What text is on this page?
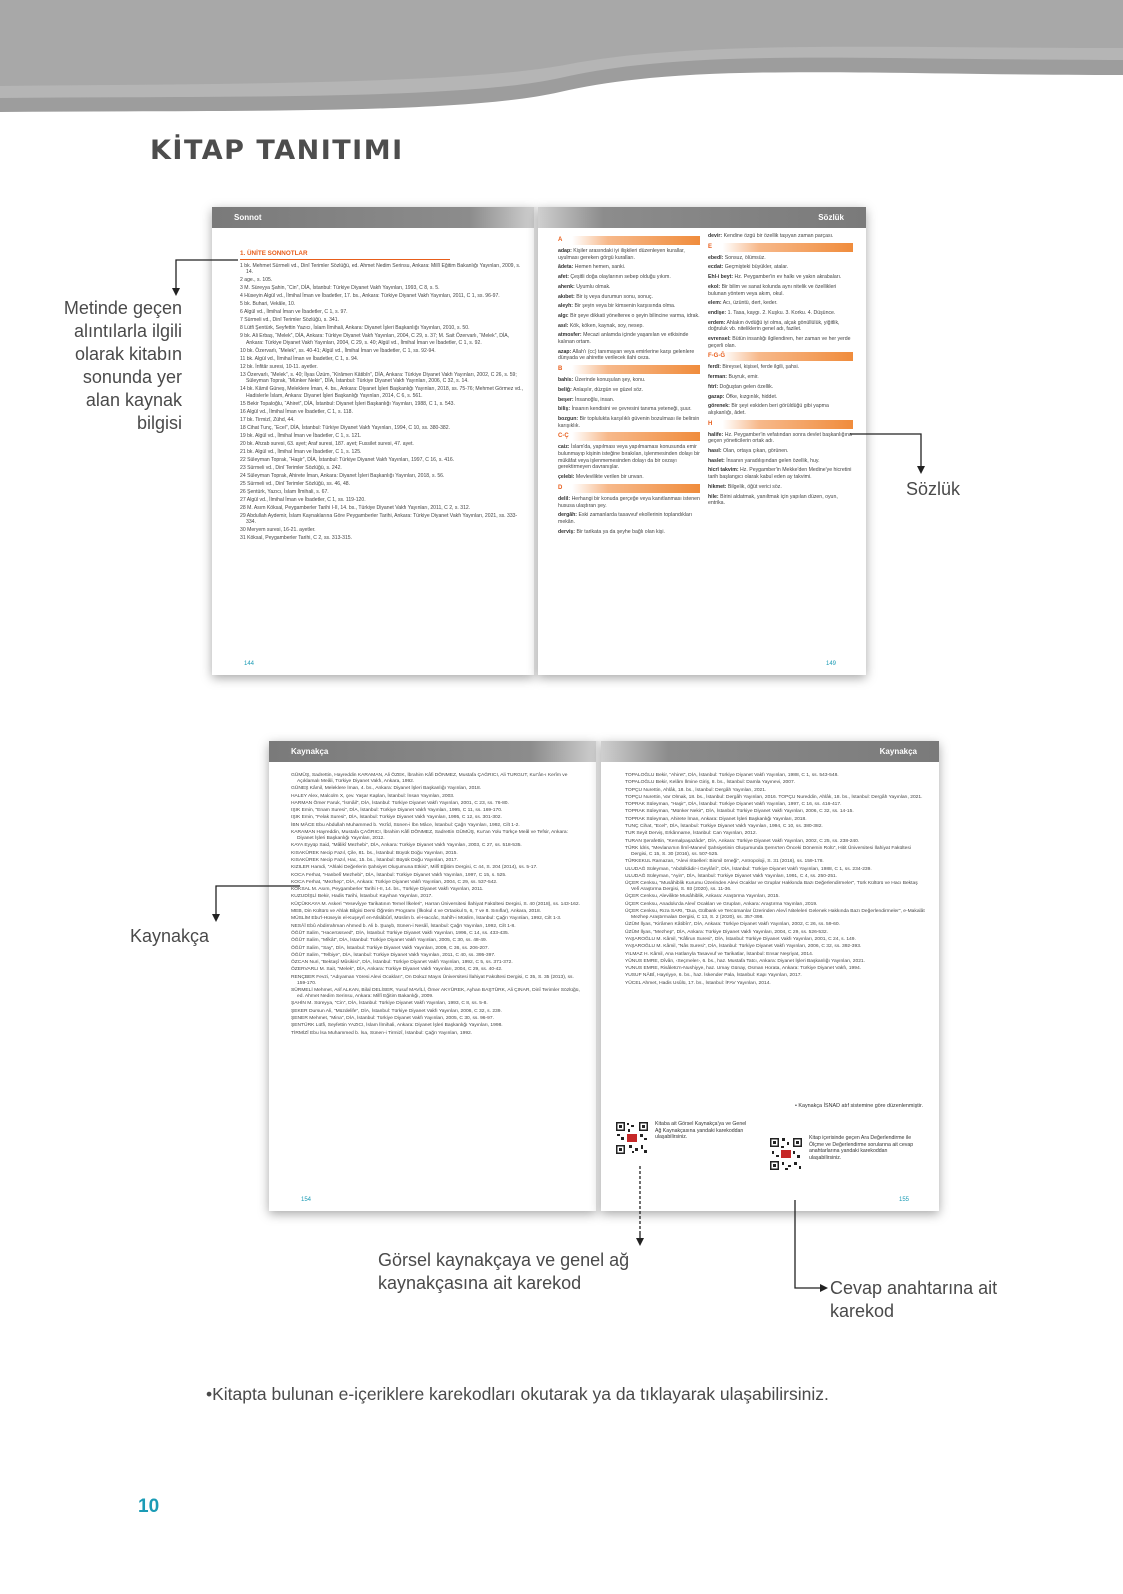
KİTAP TANITIMI
Sonnot
1. ÜNİTE SONNOTLAR
1 bk. Mehmet Sürmeli vd., Dinî Terimler Sözlüğü, ed. Ahmet Nedim Serinsu, Ankara: Millî Eğitim Bakanlığı Yayınları, 2009, s. 14.
2 age., s. 105.
3 M. Süreyya Şahin, “Cin”, DİA, İstanbul: Türkiye Diyanet Vakfı Yayınları, 1993, C 8, s. 5.
4 Hüseyin Algül vd., İlmihal İman ve İbadetler, 17. bs., Ankara: Türkiye Diyanet Vakfı Yayınları, 2011, C 1, ss. 96-97.
5 bk. Buhari, Vekâle, 10.
6 Algül vd., İlmihal İman ve İbadetler, C 1, s. 97.
7 Sürmeli vd., Dinî Terimler Sözlüğü, s. 341.
8 Lütfi Şentürk, Seyfettin Yazıcı, İslam İlmihali, Ankara: Diyanet İşleri Başkanlığı Yayınları, 2010, s. 50.
9 bk. Ali Erbaş, “Melek”, DİA, Ankara: Türkiye Diyanet Vakfı Yayınları, 2004, C 29, s. 37; M. Sait Özervarlı, “Melek”, DİA, Ankara: Türkiye Diyanet Vakfı Yayınları, 2004, C 29, s. 40; Algül vd., İlmihal İman ve İbadetler, C 1, s. 92.
10 bk. Özervarlı, “Melek”, ss. 40-41; Algül vd., İlmihal İman ve İbadetler, C 1, ss. 92-94.
11 bk. Algül vd., İlmihal İman ve İbadetler, C 1, s. 94.
12 bk. İnfitâr suresi, 10-11. ayetler.
13 Özervarlı, “Melek”, s. 40; İlyas Üzüm, “Kirâmen Kâtibîn”, DİA, Ankara: Türkiye Diyanet Vakfı Yayınları, 2002, C 26, s. 59; Süleyman Toprak, “Münker Nekir”, DİA, İstanbul: Türkiye Diyanet Vakfı Yayınları, 2006, C 32, s. 14.
14 bk. Kâmil Güneş, Meleklere İman, 4. bs., Ankara: Diyanet İşleri Başkanlığı Yayınları, 2018, ss. 75-76; Mehmet Görmez vd., Hadislerle İslam, Ankara: Diyanet İşleri Başkanlığı Yayınları, 2014, C 6, s. 561.
15 Bekir Topaloğlu, “Ahiret”, DİA, İstanbul: Diyanet İşleri Başkanlığı Yayınları, 1988, C 1, s. 543.
16 Algül vd., İlmihal İman ve İbadetler, C 1, s. 118.
17 bk. Tirmizî, Zühd, 44.
18 Cihat Tunç, “Ecel”, DİA, İstanbul: Türkiye Diyanet Vakfı Yayınları, 1994, C 10, ss. 380-382.
19 bk. Algül vd., İlmihal İman ve İbadetler, C 1, s. 121.
20 bk. Ahzab suresi, 63. ayet; Araf suresi, 187. ayet; Fussilet suresi, 47. ayet.
21 bk. Algül vd., İlmihal İman ve İbadetler, C 1, s. 125.
22 Süleyman Toprak, “Haşir”, DİA, İstanbul: Türkiye Diyanet Vakfı Yayınları, 1997, C 16, s. 416.
23 Sürmeli vd., Dinî Terimler Sözlüğü, s. 242.
24 Süleyman Toprak, Ahirete İman, Ankara: Diyanet İşleri Başkanlığı Yayınları, 2018, s. 56.
25 Sürmeli vd., Dinî Terimler Sözlüğü, ss. 46, 48.
26 Şentürk, Yazıcı, İslam İlmihali, s. 67.
27 Algül vd., İlmihal İman ve İbadetler, C 1, ss. 119-120.
28 M. Asım Köksal, Peygamberler Tarihi I-II, 14. bs., Türkiye Diyanet Vakfı Yayınları, 2011, C 2, s. 312.
29 Abdullah Aydemir, İslam Kaynaklarına Göre Peygamberler Tarihi, Ankara: Türkiye Diyanet Vakfı Yayınları, 2021, ss. 333-334.
30 Meryem suresi, 16-21. ayetler.
31 Köksal, Peygamberler Tarihi, C 2, ss. 313-315.
144
Sözlük
A
adap: Kişiler arasındaki iyi ilişkileri düzenleyen kurallar, uyulması gereken görgü kuralları.
âdeta: Hemen hemen, sanki.
afet: Çeşitli doğa olaylarının sebep olduğu yıkım.
ahenk: Uyumlu olmak.
akıbet: Bir iş veya durumun sonu, sonuç.
aleyh: Bir şeyin veya bir kimsenin karşısında olma.
algı: Bir şeye dikkati yöneltereк o şeyin bilincine varma, idrak.
asıl: Kök, köken, kaynak, soy, nesep.
atmosfer: Mecazi anlamda içinde yaşanılan ve etkisinde kalınan ortam.
azap: Allah'ı (cc) tanımayan veya emirlerine karşı gelenlere dünyada ve ahirette verilecek ilahi ceza.
B
bahis: Üzerinde konuşulan şey, konu.
beliğ: Anlaşılır, düzgün ve güzel söz.
beşer: İnsanoğlu, insan.
biliş: İnsanın kendisini ve çevresini tanıma yeteneği, şuur.
bozgun: Bir topluluktа karşılıklı güvenin bozulması ile belirsin karışıklık.
C-Ç
caiz: İslam'da, yapılması veya yapılmaması konusunda emir bulunmayıp kişinin isteğine bırakılan, işlenmesinden dolayı bir mükâfat veya işlenmemesinden dolayı da bir cezayı gerektirmeyen davranışlar.
çelebi: Mevlevilikte verilen bir unvan.
D
delil: Herhangi bir konuda gerçeğe veya kanıtlanması istenen hususa ulaştıran şey.
dergâh: Eski zamanlarda tasavvuf ekollerinin toplandıkları mekân.
derviş: Bir tarikata ya da şeyhe bağlı olan kişi.
devir: Kendine özgü bir özellik taşıyan zaman parçası.
E
ebedî: Sonsuz, ölümsüz.
ecdat: Geçmişteki büyükler, atalar.
Ehl-i beyt: Hz. Peygamber'in ev halkı ve yakın akrabaları.
ekol: Bir bilim ve sanat kolunda aynı nitelik ve özellikleri bulunan yöntem veya akım, okul.
elem: Acı, üzüntü, dert, keder.
endişe: 1. Tasa, kaygı. 2. Kuşku. 3. Korku. 4. Düşünce.
erdem: Ahlakın övdüğü iyi olma, alçak gönüllülük, yiğitlik, doğruluk vb. niteliklerin genel adı, fazilet.
evrensel: Bütün insanlığı ilgilendiren, her zaman ve her yerde geçerli olan.
F-G-Ğ
ferdî: Bireysel, kişisel, ferde ilgili, şahsi.
ferman: Buyruk, emir.
fıtrî: Doğuştan gelen özellik.
gazap: Öfke, kızgınlık, hiddet.
görenek: Bir şeyi eskiden beri görüldüğü gibi yapma alışkanlığı, âdet.
H
halife: Hz. Peygamber'in vefatından sonra devlet başkanlığına geçen yöneticilerin ortak adı.
hasıl: Olan, ortaya çıkan, görünen.
haslet: İnsanın yaradılışından gelen özellik, huy.
hicrî takvim: Hz. Peygamber'in Mekke'den Medine'ye hicretini tarih başlangıcı olarak kabul eden ay takvimi.
hikmet: Bilgelik, öğüt verici söz.
hile: Birini aldatmak, yanıltmak için yapılan düzen, oyun, entrika.
149
Kaynakça
GÜMÜŞ, Sadrettin, Hayreddin KARAMAN, Ali ÖZEK, İbrahim Kâfi DÖNMEZ, Mustafa ÇAĞRICI, Ali TURGUT, Kur'ân-ı Kerîm ve Açıklamalı Meâli, Türkiye Diyanet Vakfı, Ankara, 1992.
GÜNEŞ Kâmil, Meleklere İman, 4. bs., Ankara: Diyanet İşleri Başkanlığı Yayınları, 2018.
HALEY Alex, Malcolm X, çev. Yaşar Kaplan, İstanbul: İnsan Yayınları, 2003.
HARMAN Ömer Faruk, “İsmâil”, DİA, İstanbul: Türkiye Diyanet Vakfı Yayınları, 2001, C 23, ss. 76-80.
IŞIK Emin, “Enam Suresi”, DİA, İstanbul: Türkiye Diyanet Vakfı Yayınları, 1995, C 11, ss. 169-170.
IŞIK Emin, “Felak Suresi”, DİA, İstanbul: Türkiye Diyanet Vakfı Yayınları, 1995, C 12, ss. 301-302.
İBN MÂCE Ebu Abdullah Muhammed b. Yezîd, Sünen-i İbn Mâce, İstanbul: Çağrı Yayınları, 1992, Cilt 1-2.
KARAMAN Hayreddin, Mustafa ÇAĞRICI, İbrahim Kâfi DÖNMEZ, Sadrettin GÜMÜŞ, Kur'an Yolu Türkçe Meâl ve Tefsir, Ankara: Diyanet İşleri Başkanlığı Yayınları, 2012.
KAYA Eyyüp Said, “Mâlikî Mezhebi”, DİA, Ankara: Türkiye Diyanet Vakfı Yayınları, 2003, C 27, ss. 518-535.
KISAKÜREK Necip Fazıl, Çile, 81. bs., İstanbul: Büyük Doğu Yayınları, 2015.
KISAKÜREK Necip Fazıl, Hac, 15. bs., İstanbul: Büyük Doğu Yayınları, 2017.
KIZILER Hamdi, “Ahlaki Değerlerin Şahsiyet Oluşumuna Etkisi”, Millî Eğitim Dergisi, C 44, S. 204 (2014), ss. 5-17.
KOCA Ferhat, “Hanbelî Mezhebi”, DİA, İstanbul: Türkiye Diyanet Vakfı Yayınları, 1997, C 15, s. 525.
KOCA Ferhat, “Mezhep”, DİA, Ankara: Türkiye Diyanet Vakfı Yayınları, 2004, C 29, ss. 537-542.
KÖKSAL M. Asım, Peygamberler Tarihi I-II, 14. bs., Türkiye Diyanet Vakfı Yayınları, 2011.
KUZUDİŞLİ Bekir, Hadis Tarihi, İstanbul: Kayıhan Yayınları, 2017.
KÜÇÜKKAYA M. Askeri “Yesevîyye Tarikatının Temel İlkeleri”, Harran Üniversitesi İlahiyat Fakültesi Dergisi, S. 40 (2018), ss. 143-162.
MEB, Din Kültürü ve Ahlak Bilgisi Dersi Öğretim Programı (İlkokul 4 ve Ortaokul 5, 6, 7 ve 8. Sınıflar), Ankara, 2018.
MÜSLİM Ebu'l-Hüseyin el-Kuşeyrî en-Nîsâbûrî, Müslim b. el-Haccâc, Sahîh-i Müslim, İstanbul: Çağrı Yayınları, 1992, Cilt 1-3.
NESÂÎ Ebû Abdirrahman Ahmed b. Ali b. Şuayb, Sünen-i Nesâî, İstanbul: Çağrı Yayınları, 1992, Cilt 1-8.
ÖĞÜT Salim, “Hacerüssved”, DİA, İstanbul: Türkiye Diyanet Vakfı Yayınları, 1996, C 14, ss. 433-435.
ÖĞÜT Salim, “Mîkât”, DİA, İstanbul: Türkiye Diyanet Vakfı Yayınları, 2005, C 30, ss. 48-49.
ÖĞÜT Salim, “Say”, DİA, İstanbul: Türkiye Diyanet Vakfı Yayınları, 2009, C 36, ss. 206-207.
ÖĞÜT Salim, “Telbiye”, DİA, İstanbul: Türkiye Diyanet Vakfı Yayınları, 2011, C 40, ss. 395-397.
ÖZCAN Nuri, “Bektaşî Mûsikisi”, DİA, İstanbul: Türkiye Diyanet Vakfı Yayınları, 1992, C 5, ss. 371-372.
ÖZERVARLI M. Sait, “Melek”, DİA, Ankara: Türkiye Diyanet Vakfı Yayınları, 2004, C 29, ss. 40-42.
RENÇBER Fevzi, “Adıyaman Yöresi Alevi Ocakları”, On Dokuz Mayıs Üniversitesi İlahiyat Fakültesi Dergisi, C 35, S. 35 (2013), ss. 159-170.
SÜRMELİ Mehmet, Arif ALKAN, Bilal DELİSER, Yusuf MAVİLİ, Ömer AKYÜREK, Ayhan BAŞTÜRK, Ali ÇINAR, Dinî Terimler Sözlüğü, ed. Ahmet Nedim Serinsu, Ankara: Millî Eğitim Bakanlığı, 2009.
ŞAHİN M. Süreyya, “Cin”, DİA, İstanbul: Türkiye Diyanet Vakfı Yayınları, 1993, C 8, ss. 5-8.
ŞEKER Dursun Ali, “Müzdelife”, DİA, İstanbul: Türkiye Diyanet Vakfı Yayınları, 2006, C 32, s. 239.
ŞENER Mehmet, “Mina”, DİA, İstanbul: Türkiye Diyanet Vakfı Yayınları, 2005, C 30, ss. 96-97.
ŞENTÜRK Lütfi, Seyfettin YAZICI, İslam İlmihali, Ankara: Diyanet İşleri Başkanlığı Yayınları, 1998.
TİRMİZÎ Ebu İsa Muhammed b. İsa, Sünen-i Tirmizî, İstanbul: Çağrı Yayınları, 1992.
154
Kaynakça
TOPALOĞLU Bekir, “Ahiret”, DİA, İstanbul: Türkiye Diyanet Vakfı Yayınları, 1988, C 1, ss. 543-548.
TOPALOĞLU Bekir, Kelâm İlmine Giriş, 8. bs., İstanbul: Damla Yayınevi, 2007.
TOPÇU Nurettin, Ahlâk, 18. bs., İstanbul: Dergâh Yayınları, 2021.
TOPÇU Nurettin, Var Olmak, 18. bs., İstanbul: Dergâh Yayınları, 2016. TOPÇU Nureddin, Ahlâk, 18. bs., İstanbul: Dergâh Yayınları, 2021.
TOPRAK Süleyman, “Haşir”, DİA, İstanbul: Türkiye Diyanet Vakfı Yayınları, 1997, C 16, ss. 416-417.
TOPRAK Süleyman, “Münker Nekir”, DİA, İstanbul: Türkiye Diyanet Vakfı Yayınları, 2006, C 32, ss. 14-15.
TOPRAK Süleyman, Ahirete İman, Ankara: Diyanet İşleri Başkanlığı Yayınları, 2018.
TUNÇ Cihat, “Ecel”, DİA, İstanbul: Türkiye Diyanet Vakfı Yayınları, 1994, C 10, ss. 380-382.
TUR Seyit Derviş, Erkânname, İstanbul: Can Yayınları, 2012.
TURAN Şerafettin, “Kemalpaşazâde”, DİA, Ankara: Türkiye Diyanet Vakfı Yayınları, 2002, C 25, ss. 238-240.
TÜRK İdris, “Mevlana'nın İlmî-Manevî Şahsiyetinin Oluşumunda Şems'ten Önceki Dönemin Rolü”, Hitit Üniversitesi İlahiyat Fakültesi Dergisi, C 15, S. 30 (2016), ss. 507-525.
TÜRKEKUL Ramazan, “Alevi ritüelleri: Bismil örneği”, Antropoloji, S. 31 (2016), ss. 159-178.
ULUDAĞ Süleyman, “Abdülkâdir-i Geylânî”, DİA, İstanbul: Türkiye Diyanet Vakfı Yayınları, 1988, C 1, ss. 234-239.
ULUDAĞ Süleyman, “Ayin”, DİA, İstanbul: Türkiye Diyanet Vakfı Yayınları, 1991, C 4, ss. 250-251.
ÜÇER Cenksu, “Musâhiblik Kurumu Üzerinden Alevi Ocaklar ve Gruplar Hakkında Bazı Değerlendirmeler”, Türk Kültürü ve Hacı Bektaş Velî Araştırma Dergisi, S. 93 (2020), ss. 11-36.
ÜÇER Cenksu, Alevilikte Musâhiblik, Ankara: Araştırma Yayınları, 2015.
ÜÇER Cenksu, Anadolu'da Alevî Ocakları ve Grupları, Ankara: Araştırma Yayınları, 2019.
ÜÇER Cenksu, Rıza SARI, “Dua, Gülbank ve Tercümanlar Üzerinden Alevî Niteleleri Gelenek Hakkında Bazı Değerlendirmeler”, e-Makalât Mezhep Araştırmaları Dergisi, C 13, S. 2 (2020), ss. 357-398.
ÜZÜM İlyas, “Kirâmen Kâtibîn”, DİA, Ankara: Türkiye Diyanet Vakfı Yayınları, 2002, C 26, ss. 59-60.
ÜZÜM İlyas, “Mezhep”, DİA, Ankara: Türkiye Diyanet Vakfı Yayınları, 2004, C 29, ss. 526-532.
YAŞAROĞLU M. Kâmil, “Kâfirun Suresi”, DİA, İstanbul: Türkiye Diyanet Vakfı Yayınları, 2001, C 24, s. 149.
YAŞAROĞLU M. Kâmil, “Nâs Suresi”, DİA, İstanbul: Türkiye Diyanet Vakfı Yayınları, 2006, C 32, ss. 392-393.
YILMAZ H. Kâmil, Ana Hatlarıyla Tasavvuf ve Tarikatlar, İstanbul: Ensar Neşriyat, 2014.
YÛNUS EMRE, Dîvân, ‹Seçmeler›, 6. bs., haz. Mustafa Tatcı, Ankara: Diyanet İşleri Başkanlığı Yayınları, 2021.
YUNUS EMRE, Risâletü'n-Nushiyye, haz. Umay Günay, Osman Horata, Ankara: Türkiye Diyanet Vakfı, 1994.
YUSUF NÂBÎ, Hayriyye, 6. bs., haz. İskender Pala, İstanbul: Kapı Yayınları, 2017.
YÜCEL Ahmet, Hadis Usûlü, 17. bs., İstanbul: İFAV Yayınları, 2014.
• Kaynakça İSNAD atıf sistemine göre düzenlenmiştir.
Kitaba ait Görsel Kaynakça'ya ve Genel Ağ Kaynakçasına yandaki karekoddan ulaşabilirsiniz.	Kitap içerisinde geçen Ara Değerlendirme ile Ölçme ve Değerlendirme sorularına ait cevap anahtarlarına yandaki karekoddan ulaşabilirsiniz.
155
Metinde geçen alıntılarla ilgili olarak kitabın sonunda yer alan kaynak bilgisi
Sözlük
Kaynakça
Görsel kaynakçaya ve genel ağ kaynakçasına ait karekod	Cevap anahtarına ait karekod
•Kitapta bulunan e-içeriklere karekodları okutarak ya da tıklayarak ulaşabilirsiniz.
10
